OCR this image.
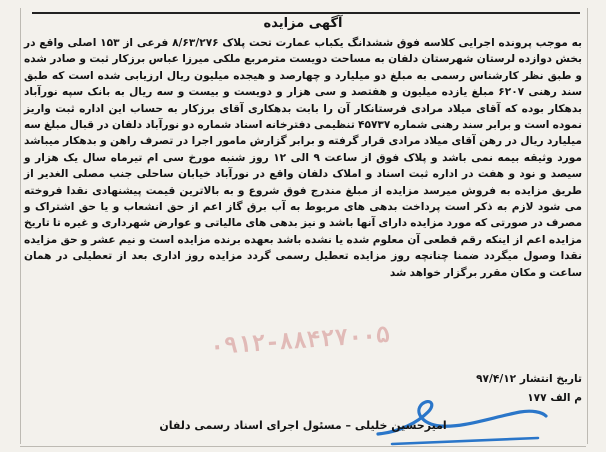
آگهی مزایده
به موجب پرونده اجرایی کلاسه فوق ششدانگ یکباب عمارت تحت پلاک ۸/۶۳/۲۷۶ فرعی از ۱۵۳ اصلی واقع در بخش دوازده لرستان شهرستان دلفان به مساحت دویست مترمربع ملکی میرزا عباس برزکار ثبت و صادر شده و طبق نظر کارشناس رسمی به مبلغ دو میلیارد و چهارصد و هیجده میلیون ریال ارزیابی شده است که طبق سند رهنی ۶۲۰۷ مبلغ یازده میلیون و هفتصد و سی هزار و دویست و بیست و سه ریال به بانک سپه نورآباد بدهکار بوده که آقای میلاد مرادی فرستانکار آن را بابت بدهکاری آقای برزکار به حساب این اداره ثبت واریز نموده است و برابر سند رهنی شماره ۴۵۷۳۷ تنظیمی دفترخانه اسناد شماره دو نورآباد دلفان در قبال مبلغ سه میلیارد ریال در رهن آقای میلاد مرادی قرار گرفته و برابر گزارش مامور اجرا در تصرف راهن و بدهکار میباشد مورد وثیقه بیمه نمی باشد و پلاک فوق از ساعت ۹ الی ۱۲ روز شنبه مورخ سی ام تیرماه سال یک هزار و سیصد و نود و هفت در اداره ثبت اسناد و املاک دلفان واقع در نورآباد خیابان ساحلی جنب مصلی الغدیر از طریق مزایده به فروش میرسد مزایده از مبلغ مندرج فوق شروع و به بالاترین قیمت پیشنهادی نقدا فروخته می شود لازم به ذکر است پرداخت بدهی های مربوط به آب برق گاز اعم از حق انشعاب و یا حق اشتراک و مصرف در صورتی که مورد مزایده دارای آنها باشد و نیز بدهی های مالیاتی و عوارض شهرداری و غیره تا تاریخ مزایده اعم از اینکه رقم قطعی آن معلوم شده یا نشده باشد بعهده برنده مزایده است و نیم عشر و حق مزایده نقدا وصول میگردد ضمنا چنانچه روز مزایده تعطیل رسمی گردد مزایده روز اداری بعد از تعطیلی در همان ساعت و مکان مقرر برگزار خواهد شد
۰۹۱۲-۸۸۴۲۷۰۰۵
تاریخ انتشار ۹۷/۴/۱۲
م الف ۱۷۷
امیرحسین خلیلی – مسئول اجرای اسناد رسمی دلفان
